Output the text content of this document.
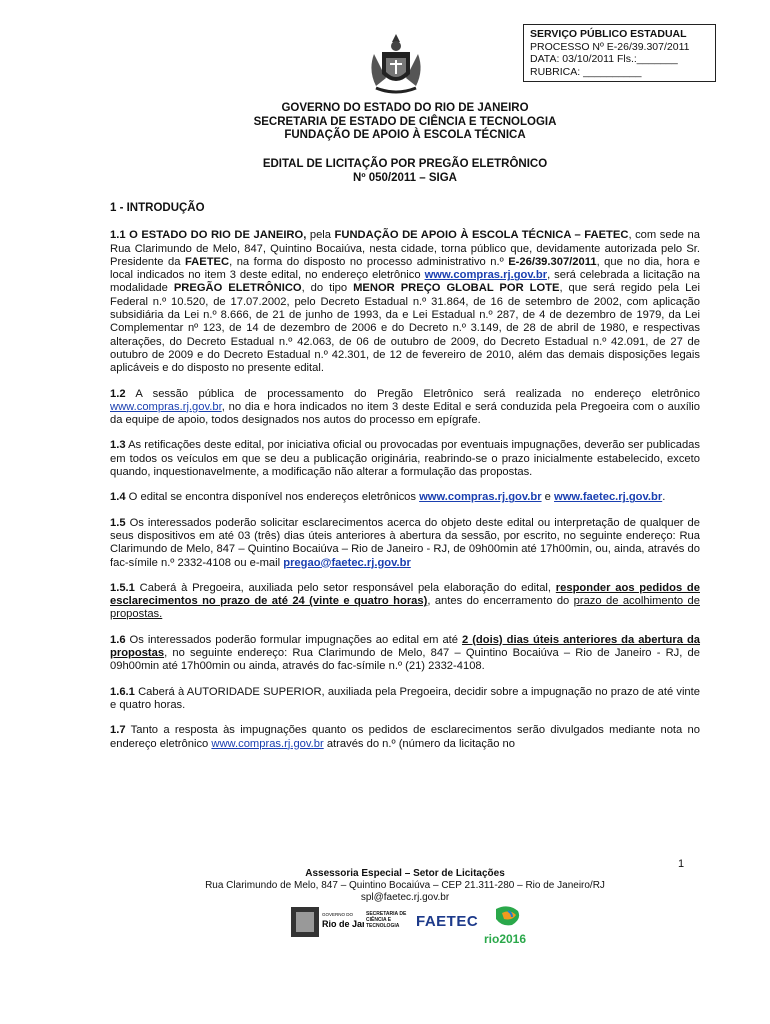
SERVIÇO PÚBLICO ESTADUAL
PROCESSO Nº E-26/39.307/2011
DATA: 03/10/2011 Fls.:_______
RUBRICA: __________
GOVERNO DO ESTADO DO RIO DE JANEIRO
SECRETARIA DE ESTADO DE CIÊNCIA E TECNOLOGIA
FUNDAÇÃO DE APOIO À ESCOLA TÉCNICA
EDITAL DE LICITAÇÃO POR PREGÃO ELETRÔNICO
Nº 050/2011 – SIGA
1 - INTRODUÇÃO

1.1 O ESTADO DO RIO DE JANEIRO, pela FUNDAÇÃO DE APOIO À ESCOLA TÉCNICA – FAETEC, com sede na Rua Clarimundo de Melo, 847, Quintino Bocaiúva, nesta cidade, torna público que, devidamente autorizada pelo Sr. Presidente da FAETEC, na forma do disposto no processo administrativo n.º E-26/39.307/2011, que no dia, hora e local indicados no item 3 deste edital, no endereço eletrônico www.compras.rj.gov.br, será celebrada a licitação na modalidade PREGÃO ELETRÔNICO, do tipo MENOR PREÇO GLOBAL POR LOTE, que será regido pela Lei Federal n.º 10.520, de 17.07.2002, pelo Decreto Estadual n.º 31.864, de 16 de setembro de 2002, com aplicação subsidiária da Lei n.º 8.666, de 21 de junho de 1993, da e Lei Estadual n.º 287, de 4 de dezembro de 1979, da Lei Complementar nº 123, de 14 de dezembro de 2006 e do Decreto n.º 3.149, de 28 de abril de 1980, e respectivas alterações, do Decreto Estadual n.º 42.063, de 06 de outubro de 2009, do Decreto Estadual n.º 42.091, de 27 de outubro de 2009 e do Decreto Estadual n.º 42.301, de 12 de fevereiro de 2010, além das demais disposições legais aplicáveis e do disposto no presente edital.

1.2 A sessão pública de processamento do Pregão Eletrônico será realizada no endereço eletrônico www.compras.rj.gov.br, no dia e hora indicados no item 3 deste Edital e será conduzida pela Pregoeira com o auxílio da equipe de apoio, todos designados nos autos do processo em epígrafe.

1.3 As retificações deste edital, por iniciativa oficial ou provocadas por eventuais impugnações, deverão ser publicadas em todos os veículos em que se deu a publicação originária, reabrindo-se o prazo inicialmente estabelecido, exceto quando, inquestionavelmente, a modificação não alterar a formulação das propostas.

1.4 O edital se encontra disponível nos endereços eletrônicos www.compras.rj.gov.br e www.faetec.rj.gov.br.

1.5 Os interessados poderão solicitar esclarecimentos acerca do objeto deste edital ou interpretação de qualquer de seus dispositivos em até 03 (três) dias úteis anteriores à abertura da sessão, por escrito, no seguinte endereço: Rua Clarimundo de Melo, 847 – Quintino Bocaiúva – Rio de Janeiro - RJ, de 09h00min até 17h00min, ou, ainda, através do fac-símile n.º 2332-4108 ou e-mail pregao@faetec.rj.gov.br

1.5.1 Caberá à Pregoeira, auxiliada pelo setor responsável pela elaboração do edital, responder aos pedidos de esclarecimentos no prazo de até 24 (vinte e quatro horas), antes do encerramento do prazo de acolhimento de propostas.

1.6 Os interessados poderão formular impugnações ao edital em até 2 (dois) dias úteis anteriores da abertura da propostas, no seguinte endereço: Rua Clarimundo de Melo, 847 – Quintino Bocaiúva – Rio de Janeiro - RJ, de 09h00min até 17h00min ou ainda, através do fac-símile n.º (21) 2332-4108.

1.6.1 Caberá à AUTORIDADE SUPERIOR, auxiliada pela Pregoeira, decidir sobre a impugnação no prazo de até vinte e quatro horas.

1.7 Tanto a resposta às impugnações quanto os pedidos de esclarecimentos serão divulgados mediante nota no endereço eletrônico www.compras.rj.gov.br através do n.º (número da licitação no

1
Assessoria Especial – Setor de Licitações
Rua Clarimundo de Melo, 847 – Quintino Bocaiúva – CEP 21.311-280 – Rio de Janeiro/RJ
spl@faetec.rj.gov.br
GOVERNO DO
Rio de Ja
SECRETARIA DE CIÊNCIA E TECNOLOGIA	FAETEC
rio2016
